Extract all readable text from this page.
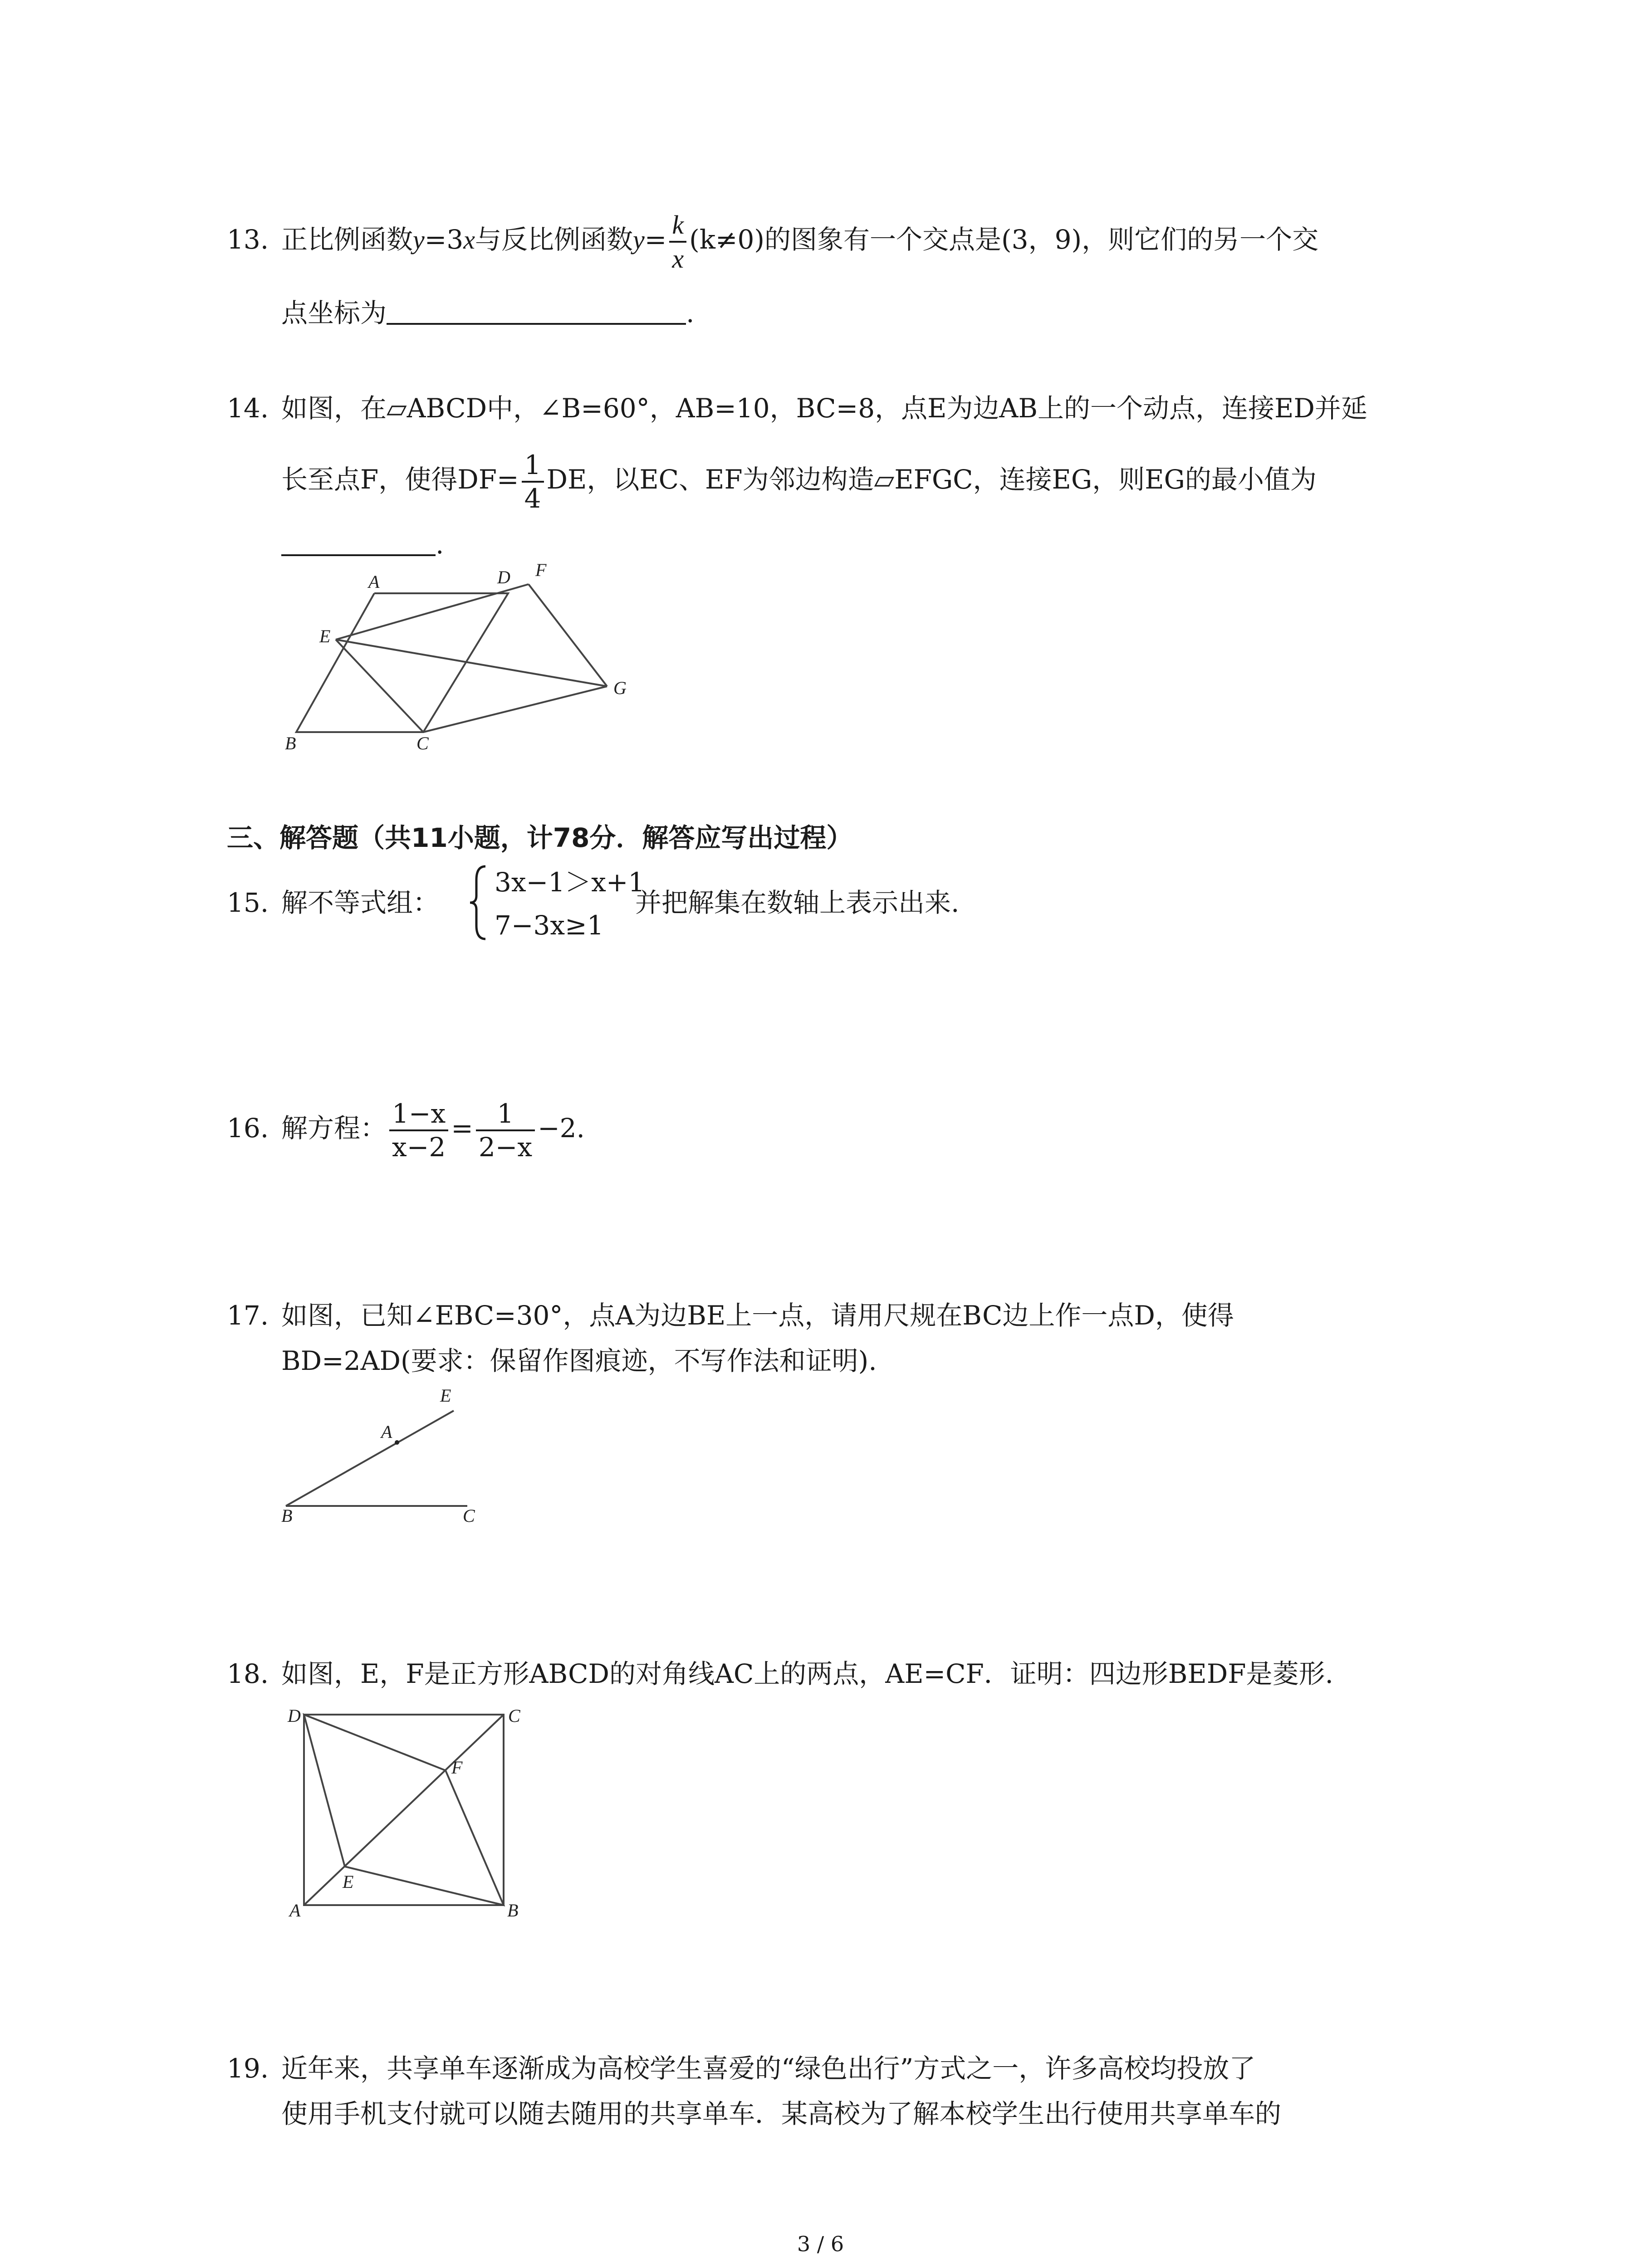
13. 正比例函数y=3x与反比例函数$y= \frac{k}{x} (k\ne 0)$的图象有一个交点是(3，9)，则它们的另一个交
点坐标为	.
14. 如图，在▱ABCD中，∠B=60°，AB=10，BC=8，点E为边AB上的一个动点，连接ED并延
长至点F，使得$DF= \frac{1}{4}$ DE，以EC、EF为邻边构造▱EFGC，连接EG，则EG的最小值为
.
A	D F
E
G
B	C
三、解答题（共11小题，计78分．解答应写出过程）
15. 解不等式组：
3x−1＞x+1
7−3x≥1
并把解集在数轴上表示出来.
16. 解方程： $\frac{1-x}{x-2} = \frac{1}{2-x} -2$.
17. 如图，已知∠EBC=30°，点A为边BE上一点，请用尺规在BC边上作一点D，使得
BD=2AD(要求：保留作图痕迹，不写作法和证明).
A
E
B	C
18. 如图，E，F是正方形ABCD的对角线AC上的两点，AE=CF．证明：四边形BEDF是菱形.
D	C
F
E
A	B
19. 近年来，共享单车逐渐成为高校学生喜爱的“绿色出行”方式之一，许多高校均投放了
使用手机支付就可以随去随用的共享单车．某高校为了解本校学生出行使用共享单车的
3 / 6
